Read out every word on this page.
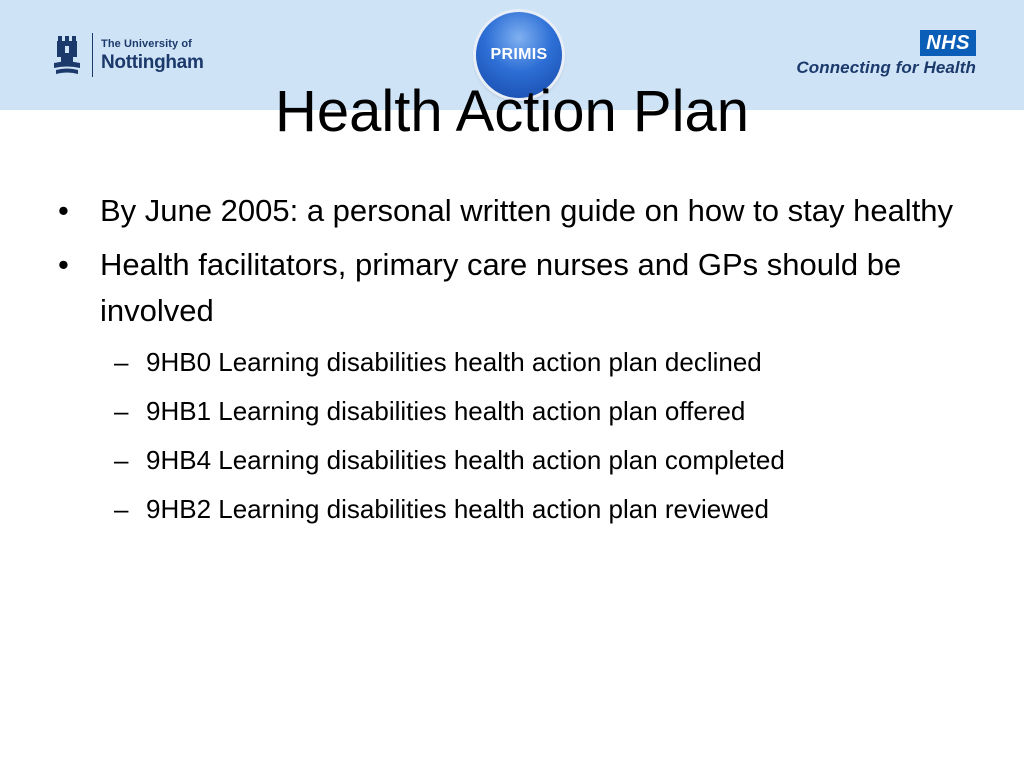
The University of
Nottingham	PRIMIS
NHS
Connecting for Health
Health Action Plan
•	By June 2005: a personal written guide on how to stay healthy
•	Health facilitators, primary care nurses and GPs should be involved
– 9HB0 Learning disabilities health action plan declined
– 9HB1 Learning disabilities health action plan offered
– 9HB4 Learning disabilities health action plan completed
– 9HB2 Learning disabilities health action plan reviewed
